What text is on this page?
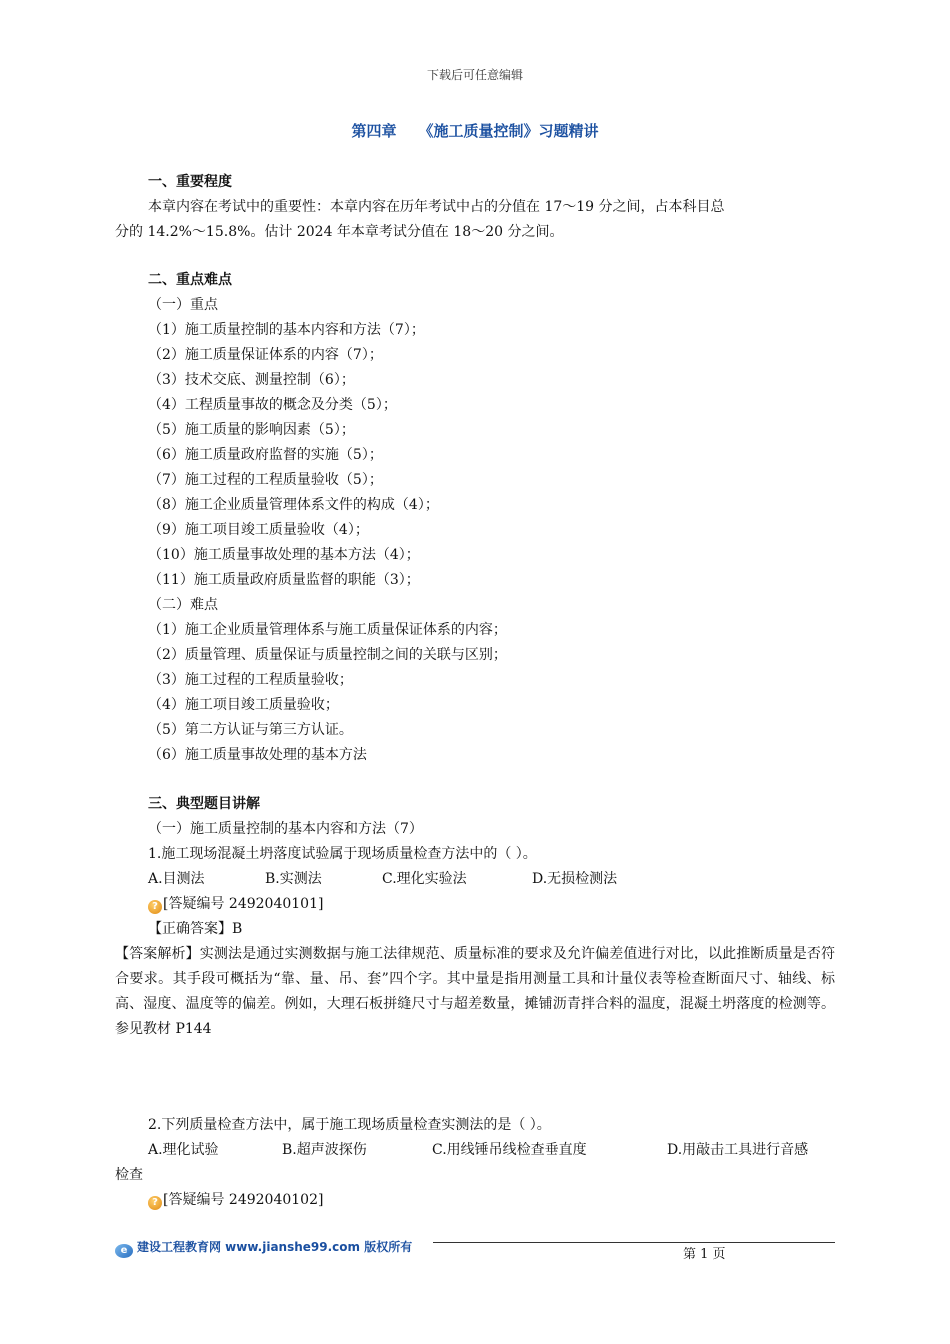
下载后可任意编辑
第四章 《施工质量控制》习题精讲
一、重要程度
本章内容在考试中的重要性：本章内容在历年考试中占的分值在 17～19 分之间，占本科目总
分的 14.2%～15.8%。估计 2024 年本章考试分值在 18～20 分之间。
二、重点难点
（一）重点
（1）施工质量控制的基本内容和方法（7）；
（2）施工质量保证体系的内容（7）；
（3）技术交底、测量控制（6）；
（4）工程质量事故的概念及分类（5）；
（5）施工质量的影响因素（5）；
（6）施工质量政府监督的实施（5）；
（7）施工过程的工程质量验收（5）；
（8）施工企业质量管理体系文件的构成（4）；
（9）施工项目竣工质量验收（4）；
（10）施工质量事故处理的基本方法（4）；
（11）施工质量政府质量监督的职能（3）；
（二）难点
（1）施工企业质量管理体系与施工质量保证体系的内容；
（2）质量管理、质量保证与质量控制之间的关联与区别；
（3）施工过程的工程质量验收；
（4）施工项目竣工质量验收；
（5）第二方认证与第三方认证。
（6）施工质量事故处理的基本方法
三、典型题目讲解
（一）施工质量控制的基本内容和方法（7）
1.施工现场混凝土坍落度试验属于现场质量检查方法中的（ ）。
A.目测法	B.实测法	C.理化实验法	D.无损检测法
? [答疑编号 2492040101]
【正确答案】B
【答案解析】实测法是通过实测数据与施工法律规范、质量标准的要求及允许偏差值进行对比，以此推断质量是否符合要求。其手段可概括为“靠、量、吊、套”四个字。其中量是指用测量工具和计量仪表等检查断面尺寸、轴线、标高、湿度、温度等的偏差。例如，大理石板拼缝尺寸与超差数量，摊铺沥青拌合料的温度，混凝土坍落度的检测等。参见教材 P144
2.下列质量检查方法中，属于施工现场质量检查实测法的是（ ）。
A.理化试验	B.超声波探伤	C.用线锤吊线检查垂直度	D.用敲击工具进行音感
检查
? [答疑编号 2492040102]
e 建设工程教育网 www.jianshe99.com 版权所有	第 1 页
